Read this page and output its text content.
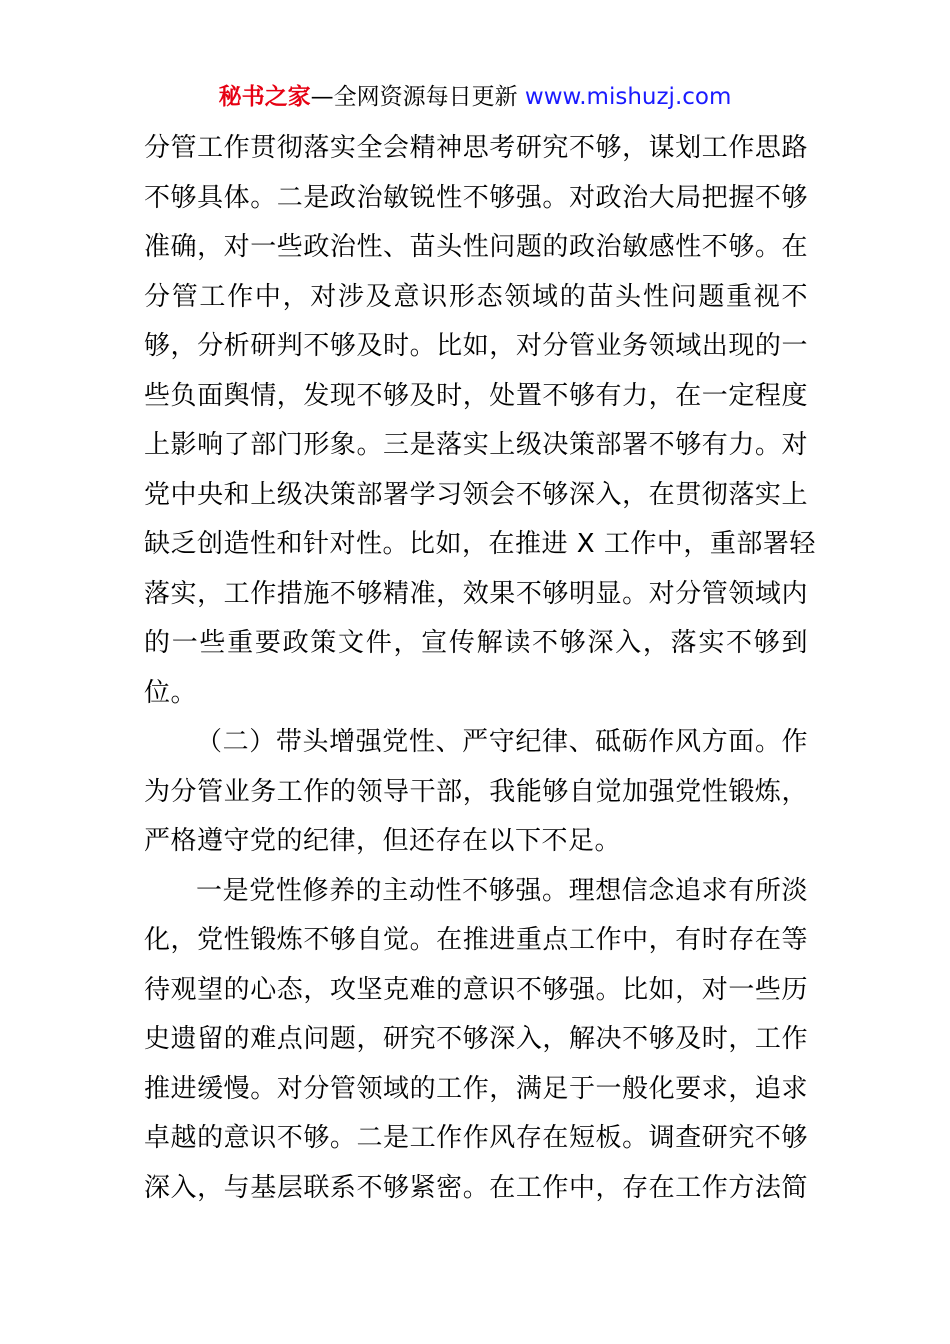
秘书之家—全网资源每日更新 www.mishuzj.com

分管工作贯彻落实全会精神思考研究不够，谋划工作思路
不够具体。二是政治敏锐性不够强。对政治大局把握不够
准确，对一些政治性、苗头性问题的政治敏感性不够。在
分管工作中，对涉及意识形态领域的苗头性问题重视不
够，分析研判不够及时。比如，对分管业务领域出现的一
些负面舆情，发现不够及时，处置不够有力，在一定程度
上影响了部门形象。三是落实上级决策部署不够有力。对
党中央和上级决策部署学习领会不够深入，在贯彻落实上
缺乏创造性和针对性。比如，在推进 X 工作中，重部署轻
落实，工作措施不够精准，效果不够明显。对分管领域内
的一些重要政策文件，宣传解读不够深入，落实不够到
位。

（二）带头增强党性、严守纪律、砥砺作风方面。作
为分管业务工作的领导干部，我能够自觉加强党性锻炼，
严格遵守党的纪律，但还存在以下不足。

一是党性修养的主动性不够强。理想信念追求有所淡
化，党性锻炼不够自觉。在推进重点工作中，有时存在等
待观望的心态，攻坚克难的意识不够强。比如，对一些历
史遗留的难点问题，研究不够深入，解决不够及时，工作
推进缓慢。对分管领域的工作，满足于一般化要求，追求
卓越的意识不够。二是工作作风存在短板。调查研究不够
深入，与基层联系不够紧密。在工作中，存在工作方法简
